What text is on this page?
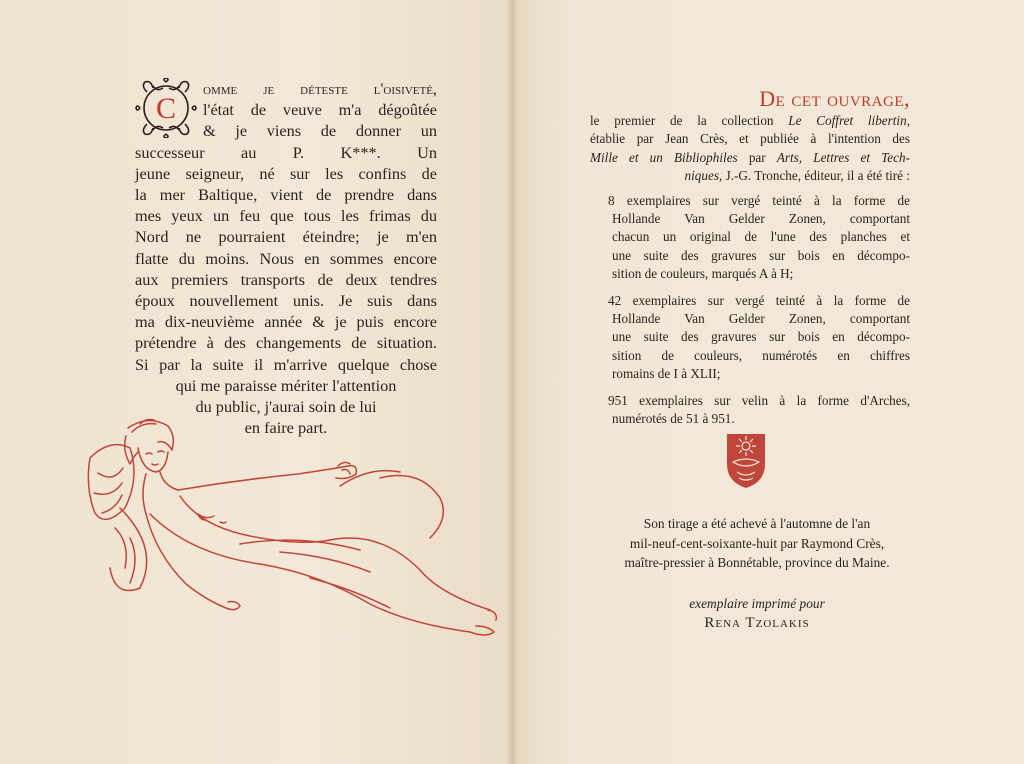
C
omme je déteste l'oisiveté,
l'état de veuve m'a dégoûtée
& je viens de donner un
successeur au P. K***. Un
jeune seigneur, né sur les confins de
la mer Baltique, vient de prendre dans
mes yeux un feu que tous les frimas du
Nord ne pourraient éteindre; je m'en
flatte du moins. Nous en sommes encore
aux premiers transports de deux tendres
époux nouvellement unis. Je suis dans
ma dix-neuvième année & je puis encore
prétendre à des changements de situation.
Si par la suite il m'arrive quelque chose
qui me paraisse mériter l'attention
du public, j'aurai soin de lui
en faire part.
De cet ouvrage,

le premier de la collection Le Coffret libertin,
établie par Jean Crès, et publiée à l'intention des
Mille et un Bibliophiles par Arts, Lettres et Tech-
niques, J.-G. Tronche, éditeur, il a été tiré :

8 exemplaires sur vergé teinté à la forme de
Hollande Van Gelder Zonen, comportant
chacun un original de l'une des planches et
une suite des gravures sur bois en décompo-
sition de couleurs, marqués A à H;
42 exemplaires sur vergé teinté à la forme de
Hollande Van Gelder Zonen, comportant
une suite des gravures sur bois en décompo-
sition de couleurs, numérotés en chiffres
romains de I à XLII;
951 exemplaires sur velin à la forme d'Arches,
numérotés de 51 à 951.
Son tirage a été achevé à l'automne de l'an
mil-neuf-cent-soixante-huit par Raymond Crès,
maître-pressier à Bonnétable, province du Maine.
exemplaire imprimé pour
Rena Tzolakis
